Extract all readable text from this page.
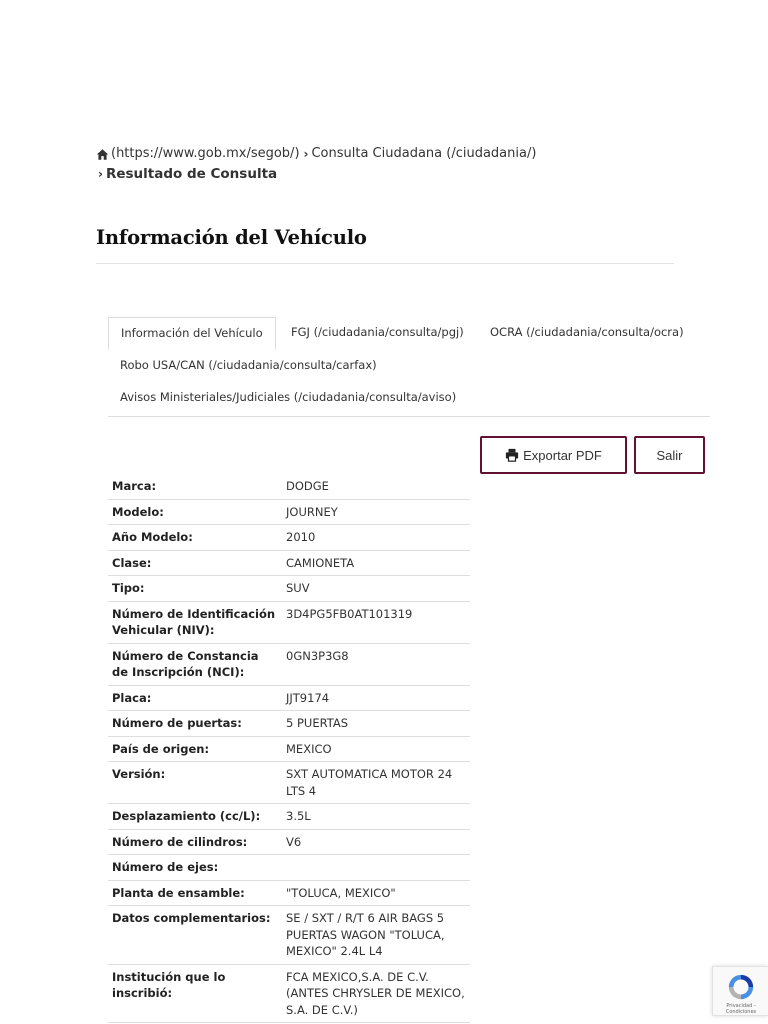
(https://www.gob.mx/segob/) › Consulta Ciudadana (/ciudadania/)
› Resultado de Consulta
Información del Vehículo
Información del Vehículo	FGJ (/ciudadania/consulta/pgj)	OCRA (/ciudadania/consulta/ocra)
Robo USA/CAN (/ciudadania/consulta/carfax)
Avisos Ministeriales/Judiciales (/ciudadania/consulta/aviso)
Exportar PDF	Salir
Marca:	DODGE
Modelo:	JOURNEY
Año Modelo:	2010
Clase:	CAMIONETA
Tipo:	SUV
Número de Identificación Vehicular (NIV):	3D4PG5FB0AT101319
Número de Constancia de Inscripción (NCI):	0GN3P3G8
Placa:	JJT9174
Número de puertas:	5 PUERTAS
País de origen:	MEXICO
Versión:	SXT AUTOMATICA MOTOR 24 LTS 4
Desplazamiento (cc/L):	3.5L
Número de cilindros:	V6
Número de ejes:	
Planta de ensamble:	"TOLUCA, MEXICO"
Datos complementarios:	SE / SXT / R/T 6 AIR BAGS 5 PUERTAS WAGON "TOLUCA, MEXICO" 2.4L L4
Institución que lo inscribió:	FCA MEXICO,S.A. DE C.V. (ANTES CHRYSLER DE MEXICO, S.A. DE C.V.)	Privacidad - Condiciones
